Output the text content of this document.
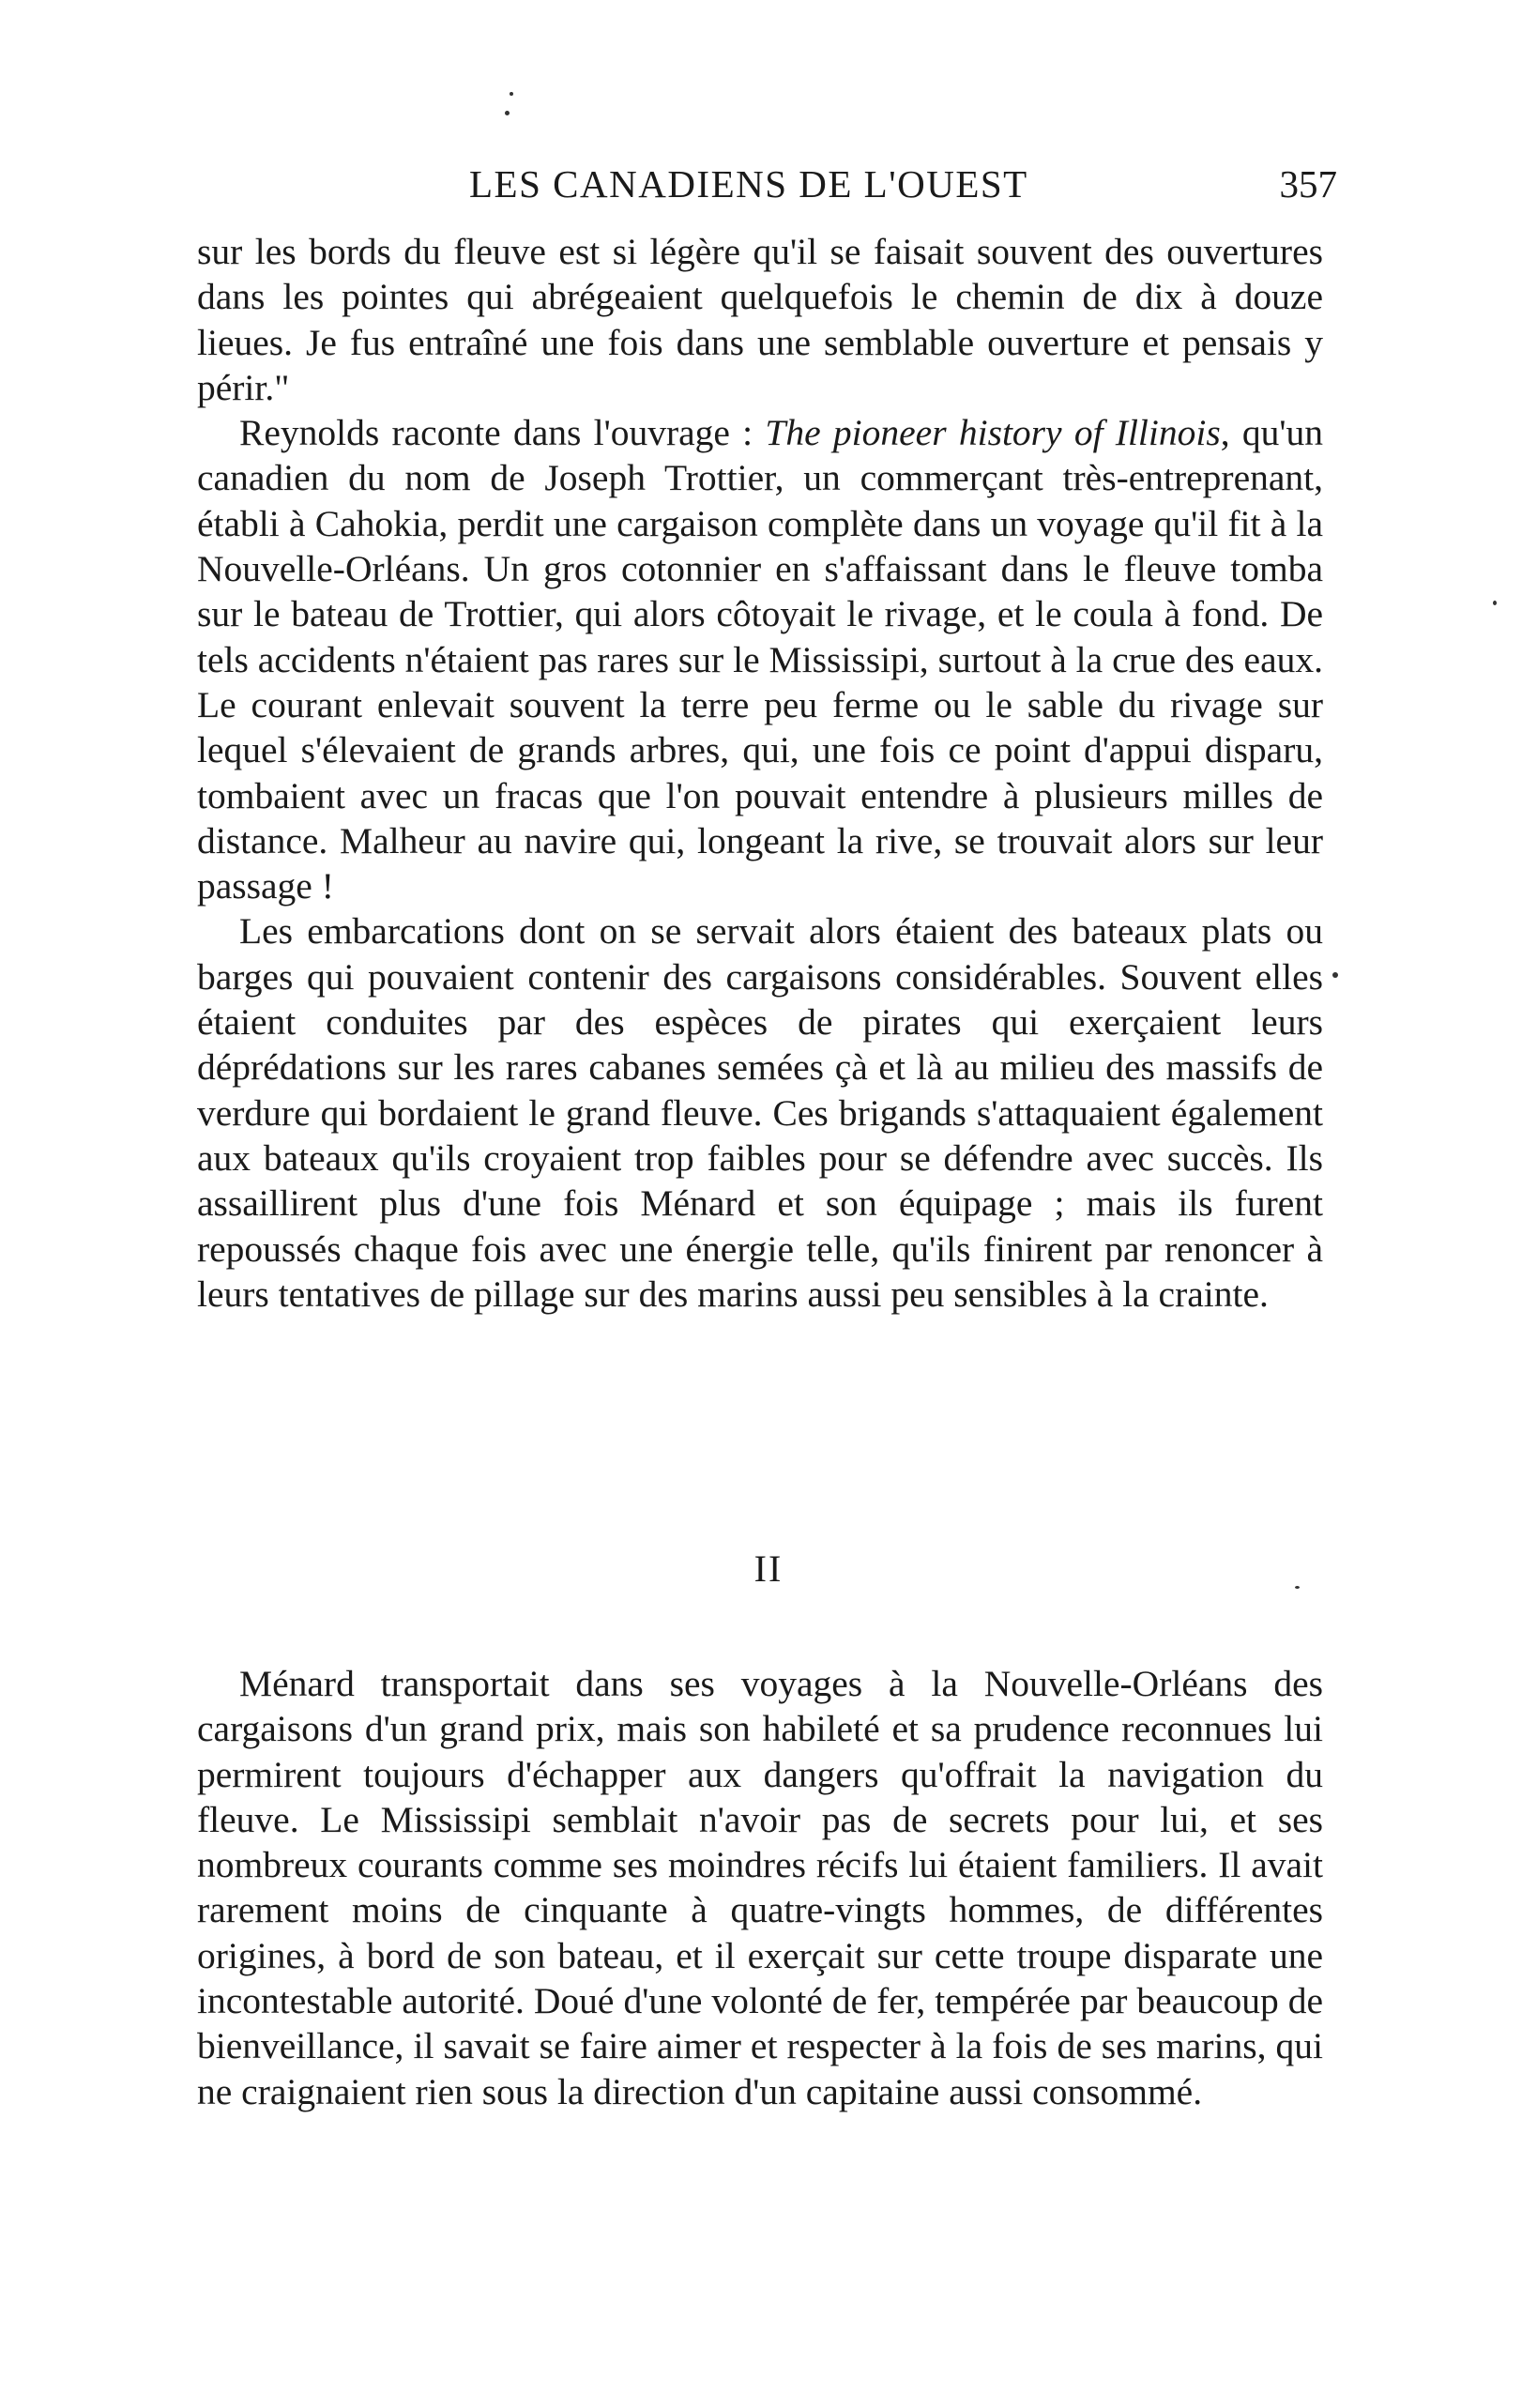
LES CANADIENS DE L'OUEST	357

sur les bords du fleuve est si légère qu'il se faisait souvent des ouvertures dans les pointes qui abrégeaient quelquefois le chemin de dix à douze lieues. Je fus entraîné une fois dans une semblable ouverture et pensais y périr."

Reynolds raconte dans l'ouvrage : The pioneer history of Illinois, qu'un canadien du nom de Joseph Trottier, un commerçant très-entreprenant, établi à Cahokia, perdit une cargaison complète dans un voyage qu'il fit à la Nouvelle-Orléans. Un gros cotonnier en s'affaissant dans le fleuve tomba sur le bateau de Trottier, qui alors côtoyait le rivage, et le coula à fond. De tels accidents n'étaient pas rares sur le Mississipi, surtout à la crue des eaux. Le courant enlevait souvent la terre peu ferme ou le sable du rivage sur lequel s'élevaient de grands arbres, qui, une fois ce point d'appui disparu, tombaient avec un fracas que l'on pouvait entendre à plusieurs milles de distance. Malheur au navire qui, longeant la rive, se trouvait alors sur leur passage !

Les embarcations dont on se servait alors étaient des bateaux plats ou barges qui pouvaient contenir des cargaisons considérables. Souvent elles étaient conduites par des espèces de pirates qui exerçaient leurs déprédations sur les rares cabanes semées çà et là au milieu des massifs de verdure qui bordaient le grand fleuve. Ces brigands s'attaquaient également aux bateaux qu'ils croyaient trop faibles pour se défendre avec succès. Ils assaillirent plus d'une fois Ménard et son équipage ; mais ils furent repoussés chaque fois avec une énergie telle, qu'ils finirent par renoncer à leurs tentatives de pillage sur des marins aussi peu sensibles à la crainte.

II

Ménard transportait dans ses voyages à la Nouvelle-Orléans des cargaisons d'un grand prix, mais son habileté et sa prudence reconnues lui permirent toujours d'échapper aux dangers qu'offrait la navigation du fleuve. Le Mississipi semblait n'avoir pas de secrets pour lui, et ses nombreux courants comme ses moindres récifs lui étaient familiers. Il avait rarement moins de cinquante à quatre-vingts hommes, de différentes origines, à bord de son bateau, et il exerçait sur cette troupe disparate une incontestable autorité. Doué d'une volonté de fer, tempérée par beaucoup de bienveillance, il savait se faire aimer et respecter à la fois de ses marins, qui ne craignaient rien sous la direction d'un capitaine aussi consommé.
